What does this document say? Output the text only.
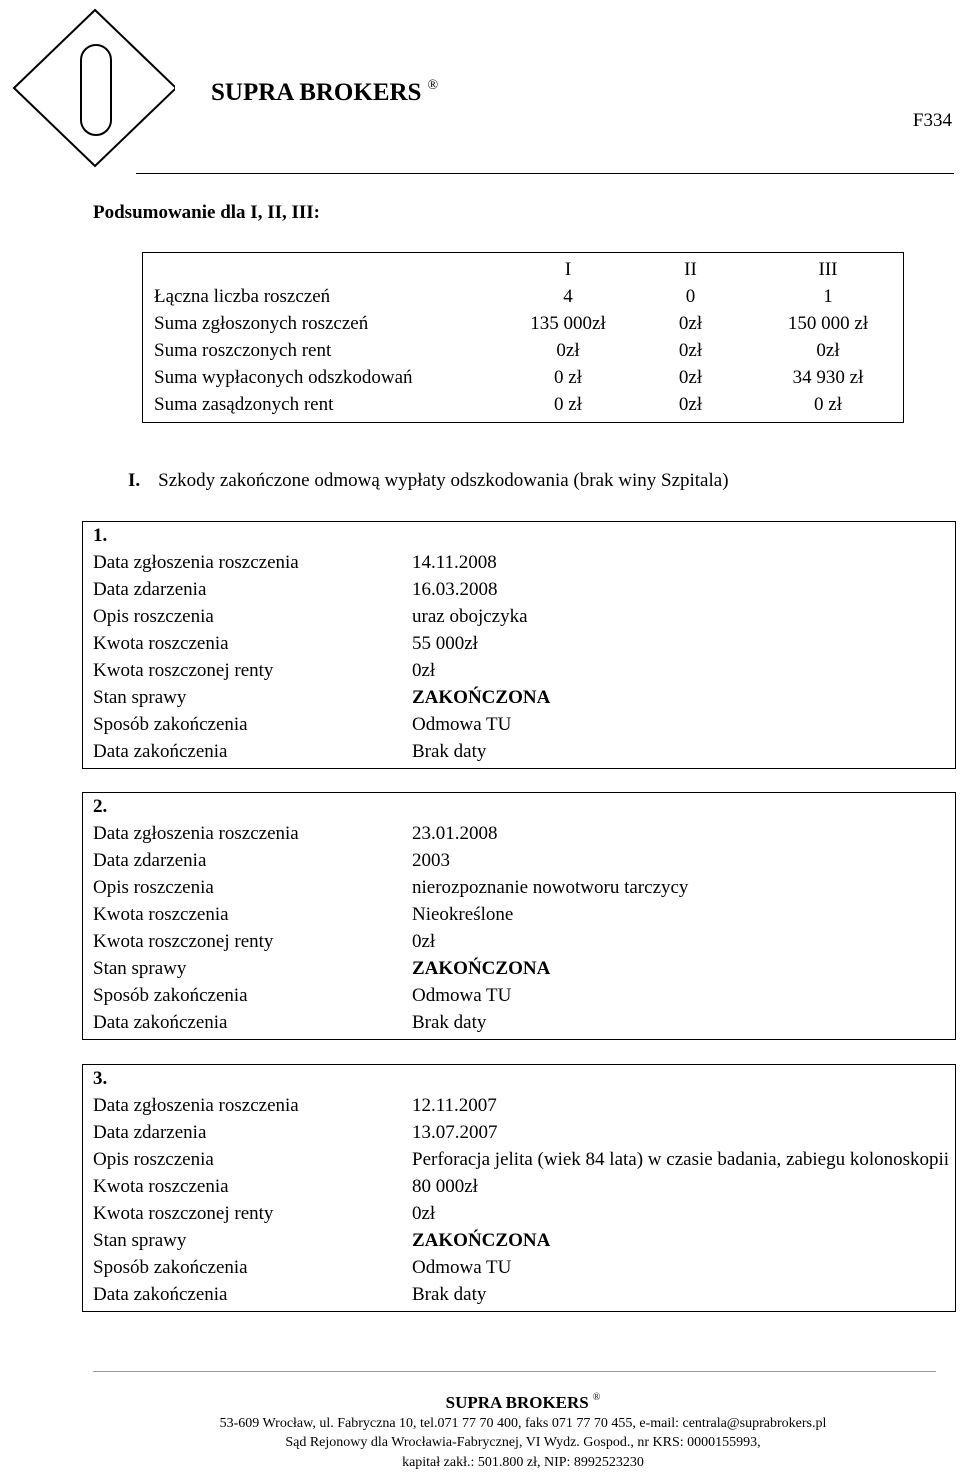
SUPRA BROKERS ®
F334
Podsumowanie dla I, II, III:
	I	II	III
Łączna liczba roszczeń	4	0	1
Suma zgłoszonych roszczeń	135 000zł	0zł	150 000 zł
Suma roszczonych rent	0zł	0zł	0zł
Suma wypłaconych odszkodowań	0 zł	0zł	34 930 zł
Suma zasądzonych rent	0 zł	0zł	0 zł
I. Szkody zakończone odmową wypłaty odszkodowania (brak winy Szpitala)
1.	
Data zgłoszenia roszczenia	14.11.2008
Data zdarzenia	16.03.2008
Opis roszczenia	uraz obojczyka
Kwota roszczenia	55 000zł
Kwota roszczonej renty	0zł
Stan sprawy	ZAKOŃCZONA
Sposób zakończenia	Odmowa TU
Data zakończenia	Brak daty
2.	
Data zgłoszenia roszczenia	23.01.2008
Data zdarzenia	2003
Opis roszczenia	nierozpoznanie nowotworu tarczycy
Kwota roszczenia	Nieokreślone
Kwota roszczonej renty	0zł
Stan sprawy	ZAKOŃCZONA
Sposób zakończenia	Odmowa TU
Data zakończenia	Brak daty
3.	
Data zgłoszenia roszczenia	12.11.2007
Data zdarzenia	13.07.2007
Opis roszczenia	Perforacja jelita (wiek 84 lata) w czasie badania, zabiegu kolonoskopii
Kwota roszczenia	80 000zł
Kwota roszczonej renty	0zł
Stan sprawy	ZAKOŃCZONA
Sposób zakończenia	Odmowa TU
Data zakończenia	Brak daty
SUPRA BROKERS ®
53-609 Wrocław, ul. Fabryczna 10, tel.071 77 70 400, faks 071 77 70 455, e-mail: centrala@suprabrokers.pl
Sąd Rejonowy dla Wrocławia-Fabrycznej, VI Wydz. Gospod., nr KRS: 0000155993,
kapitał zakł.: 501.800 zł, NIP: 8992523230
